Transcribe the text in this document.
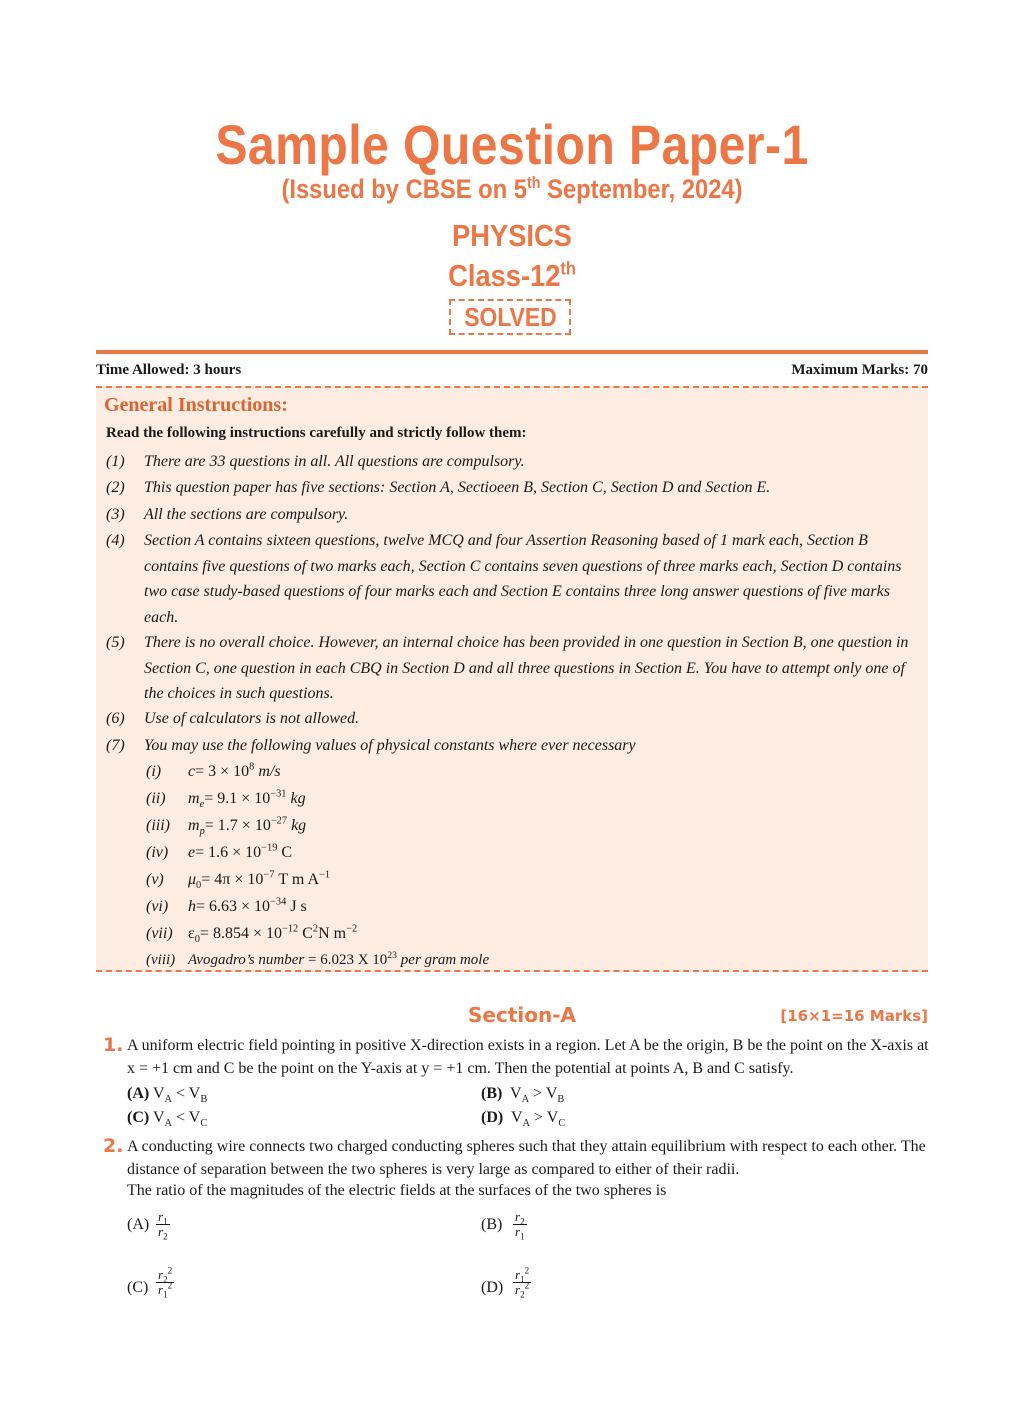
Sample Question Paper-1
(Issued by CBSE on 5th September, 2024)
PHYSICS
Class-12th
SOLVED
Time Allowed: 3 hours	Maximum Marks: 70
General Instructions:
Read the following instructions carefully and strictly follow them:
(1) There are 33 questions in all. All questions are compulsory.
(2) This question paper has five sections: Section A, Sectioeen B, Section C, Section D and Section E.
(3) All the sections are compulsory.
(4) Section A contains sixteen questions, twelve MCQ and four Assertion Reasoning based of 1 mark each, Section B contains five questions of two marks each, Section C contains seven questions of three marks each, Section D contains two case study-based questions of four marks each and Section E contains three long answer questions of five marks each.
(5) There is no overall choice. However, an internal choice has been provided in one question in Section B, one question in Section C, one question in each CBQ in Section D and all three questions in Section E. You have to attempt only one of the choices in such questions.
(6) Use of calculators is not allowed.
(7) You may use the following values of physical constants where ever necessary
(i) $c= 3 \times 10^8$ m/s
(ii) $m_e= 9.1 \times 10^{-31}$ kg
(iii) $m_p= 1.7 \times 10^{-27}$ kg
(iv) $e= 1.6 \times 10^{-19}$ C
(v) $\mu_0= 4\pi \times 10^{-7}$ T m $A^{-1}$
(vi) $h= 6.63 \times 10^{-34}$ J s
(vii) $\varepsilon_0= 8.854 \times 10^{-12}$ $C^2N$ $m^{-2}$
(viii) Avogadro’s number = 6.023 X $10^{23}$ per gram mole
Section-A	[16×1=16 Marks]
1. A uniform electric field pointing in positive X-direction exists in a region. Let A be the origin, B be the point on the X-axis at x = +1 cm and C be the point on the Y-axis at y = +1 cm. Then the potential at points A, B and C satisfy.
(A) $V_A < V_B$	(B) $V_A > V_B$
(C) $V_A < V_C$	(D) $V_A > V_C$
2. A conducting wire connects two charged conducting spheres such that they attain equilibrium with respect to each other. The distance of separation between the two spheres is very large as compared to either of their radii.
The ratio of the magnitudes of the electric fields at the surfaces of the two spheres is
$(A) \frac{r_1}{r_2}$	$(B) \frac{r_2}{r_1}$
$(C) \frac{r_2^2}{r_1^2}$	$(D) \frac{r_1^2}{r_2^2}$
